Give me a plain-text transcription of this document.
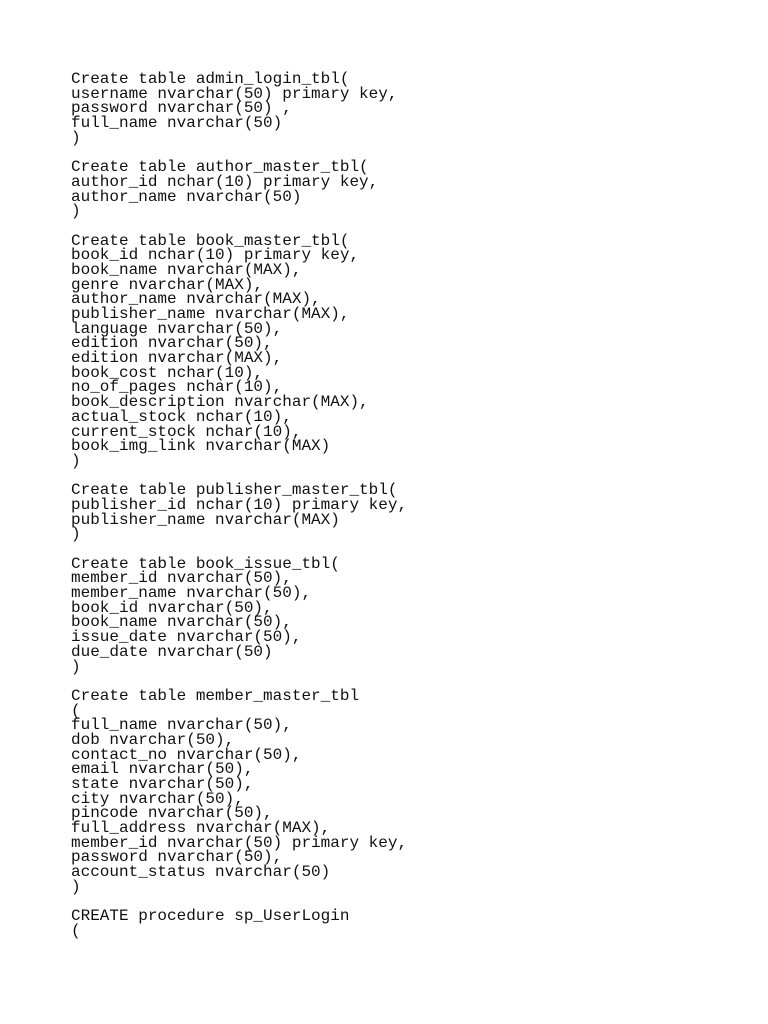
Create table admin_login_tbl(
username nvarchar(50) primary key,
password nvarchar(50) ,
full_name nvarchar(50)
)
Create table author_master_tbl(
author_id nchar(10) primary key,
author_name nvarchar(50)
)
Create table book_master_tbl(
book_id nchar(10) primary key,
book_name nvarchar(MAX),
genre nvarchar(MAX),
author_name nvarchar(MAX),
publisher_name nvarchar(MAX),
language nvarchar(50),
edition nvarchar(50),
edition nvarchar(MAX),
book_cost nchar(10),
no_of_pages nchar(10),
book_description nvarchar(MAX),
actual_stock nchar(10),
current_stock nchar(10),
book_img_link nvarchar(MAX)
)
Create table publisher_master_tbl(
publisher_id nchar(10) primary key,
publisher_name nvarchar(MAX)
)
Create table book_issue_tbl(
member_id nvarchar(50),
member_name nvarchar(50),
book_id nvarchar(50),
book_name nvarchar(50),
issue_date nvarchar(50),
due_date nvarchar(50)
)
Create table member_master_tbl
(
full_name nvarchar(50),
dob nvarchar(50),
contact_no nvarchar(50),
email nvarchar(50),
state nvarchar(50),
city nvarchar(50),
pincode nvarchar(50),
full_address nvarchar(MAX),
member_id nvarchar(50) primary key,
password nvarchar(50),
account_status nvarchar(50)
)
CREATE procedure sp_UserLogin
(
